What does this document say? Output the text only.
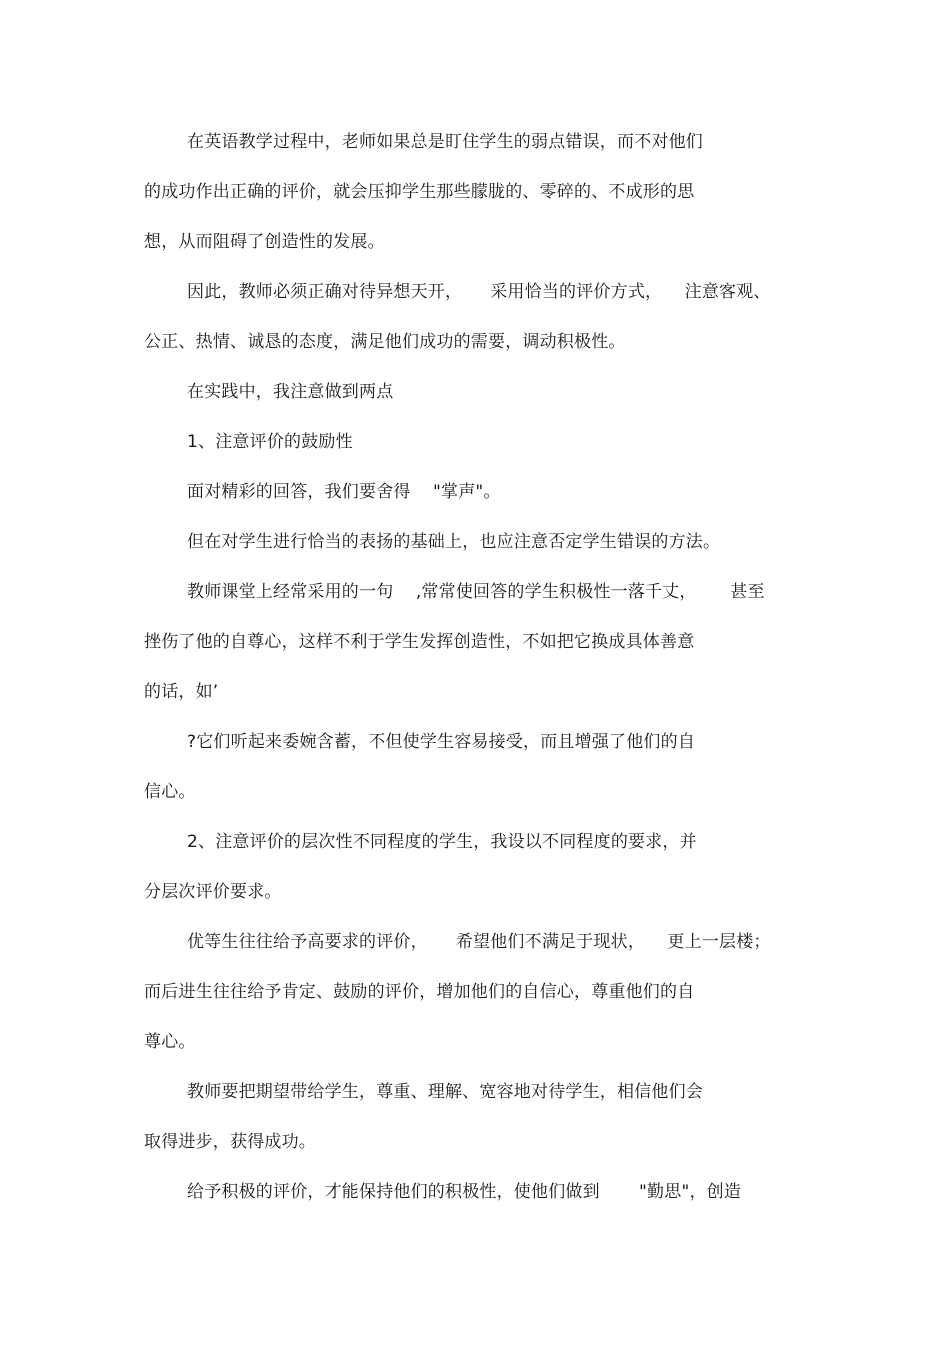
在英语教学过程中，老师如果总是盯住学生的弱点错误，而不对他们
的成功作出正确的评价，就会压抑学生那些朦胧的、零碎的、不成形的思
想，从而阻碍了创造性的发展。
因此，教师必须正确对待异想天开，     采用恰当的评价方式，    注意客观、
公正、热情、诚恳的态度，满足他们成功的需要，调动积极性。
在实践中，我注意做到两点
1、注意评价的鼓励性
面对精彩的回答，我们要舍得    "掌声"。
但在对学生进行恰当的表扬的基础上，也应注意否定学生错误的方法。
教师课堂上经常采用的一句    ,常常使回答的学生积极性一落千丈，      甚至
挫伤了他的自尊心，这样不利于学生发挥创造性，不如把它换成具体善意
的话，如’
?它们听起来委婉含蓄，不但使学生容易接受，而且增强了他们的自
信心。
2、注意评价的层次性不同程度的学生，我设以不同程度的要求，并
分层次评价要求。
优等生往往给予高要求的评价，     希望他们不满足于现状，    更上一层楼；
而后进生往往给予肯定、鼓励的评价，增加他们的自信心，尊重他们的自
尊心。
教师要把期望带给学生，尊重、理解、宽容地对待学生，相信他们会
取得进步，获得成功。
给予积极的评价，才能保持他们的积极性，使他们做到       "勤思"，创造
